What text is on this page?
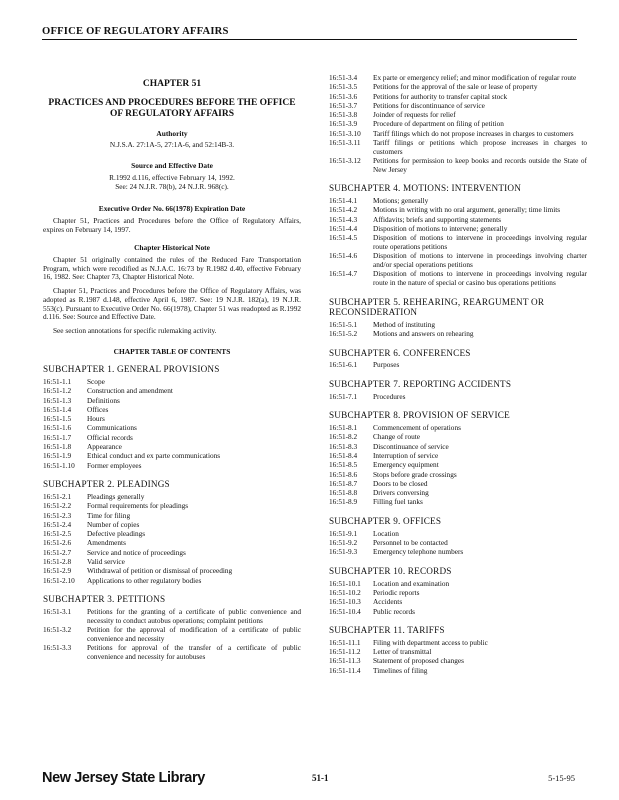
OFFICE OF REGULATORY AFFAIRS
CHAPTER 51
PRACTICES AND PROCEDURES BEFORE THE OFFICE OF REGULATORY AFFAIRS
Authority
N.J.S.A. 27:1A-5, 27:1A-6, and 52:14B-3.
Source and Effective Date
R.1992 d.116, effective February 14, 1992.
See: 24 N.J.R. 78(b), 24 N.J.R. 968(c).
Executive Order No. 66(1978) Expiration Date

Chapter 51, Practices and Procedures before the Office of Regulatory Affairs, expires on February 14, 1997.

Chapter Historical Note

Chapter 51 originally contained the rules of the Reduced Fare Transportation Program, which were recodified as N.J.A.C. 16:73 by R.1982 d.40, effective February 16, 1982. See: Chapter 73, Chapter Historical Note.

Chapter 51, Practices and Procedures before the Office of Regulatory Affairs, was adopted as R.1987 d.148, effective April 6, 1987. See: 19 N.J.R. 182(a), 19 N.J.R. 553(c). Pursuant to Executive Order No. 66(1978), Chapter 51 was readopted as R.1992 d.116. See: Source and Effective Date.

See section annotations for specific rulemaking activity.

CHAPTER TABLE OF CONTENTS
SUBCHAPTER 1. GENERAL PROVISIONS
16:51-1.1	Scope
16:51-1.2	Construction and amendment
16:51-1.3	Definitions
16:51-1.4	Offices
16:51-1.5	Hours
16:51-1.6	Communications
16:51-1.7	Official records
16:51-1.8	Appearance
16:51-1.9	Ethical conduct and ex parte communications
16:51-1.10	Former employees
SUBCHAPTER 2. PLEADINGS
16:51-2.1	Pleadings generally
16:51-2.2	Formal requirements for pleadings
16:51-2.3	Time for filing
16:51-2.4	Number of copies
16:51-2.5	Defective pleadings
16:51-2.6	Amendments
16:51-2.7	Service and notice of proceedings
16:51-2.8	Valid service
16:51-2.9	Withdrawal of petition or dismissal of proceeding
16:51-2.10	Applications to other regulatory bodies
SUBCHAPTER 3. PETITIONS
16:51-3.1	Petitions for the granting of a certificate of public convenience and necessity to conduct autobus operations; complaint petitions
16:51-3.2	Petition for the approval of modification of a certificate of public convenience and necessity
16:51-3.3	Petitions for approval of the transfer of a certificate of public convenience and necessity for autobuses
16:51-3.4	Ex parte or emergency relief; and minor modification of regular route
16:51-3.5	Petitions for the approval of the sale or lease of property
16:51-3.6	Petitions for authority to transfer capital stock
16:51-3.7	Petitions for discontinuance of service
16:51-3.8	Joinder of requests for relief
16:51-3.9	Procedure of department on filing of petition
16:51-3.10	Tariff filings which do not propose increases in charges to customers
16:51-3.11	Tariff filings or petitions which propose increases in charges to customers
16:51-3.12	Petitions for permission to keep books and records outside the State of New Jersey
SUBCHAPTER 4. MOTIONS: INTERVENTION
16:51-4.1	Motions; generally
16:51-4.2	Motions in writing with no oral argument, generally; time limits
16:51-4.3	Affidavits; briefs and supporting statements
16:51-4.4	Disposition of motions to intervene; generally
16:51-4.5	Disposition of motions to intervene in proceedings involving regular route operations petitions
16:51-4.6	Disposition of motions to intervene in proceedings involving charter and/or special operations petitions
16:51-4.7	Disposition of motions to intervene in proceedings involving regular route in the nature of special or casino bus operations petitions
SUBCHAPTER 5. REHEARING, REARGUMENT OR RECONSIDERATION
16:51-5.1	Method of instituting
16:51-5.2	Motions and answers on rehearing
SUBCHAPTER 6. CONFERENCES
16:51-6.1	Purposes
SUBCHAPTER 7. REPORTING ACCIDENTS
16:51-7.1	Procedures
SUBCHAPTER 8. PROVISION OF SERVICE
16:51-8.1	Commencement of operations
16:51-8.2	Change of route
16:51-8.3	Discontinuance of service
16:51-8.4	Interruption of service
16:51-8.5	Emergency equipment
16:51-8.6	Stops before grade crossings
16:51-8.7	Doors to be closed
16:51-8.8	Drivers conversing
16:51-8.9	Filling fuel tanks
SUBCHAPTER 9. OFFICES
16:51-9.1	Location
16:51-9.2	Personnel to be contacted
16:51-9.3	Emergency telephone numbers
SUBCHAPTER 10. RECORDS
16:51-10.1	Location and examination
16:51-10.2	Periodic reports
16:51-10.3	Accidents
16:51-10.4	Public records
SUBCHAPTER 11. TARIFFS
16:51-11.1	Filing with department access to public
16:51-11.2	Letter of transmittal
16:51-11.3	Statement of proposed changes
16:51-11.4	Timelines of filing
New Jersey State Library	51-1	5-15-95
